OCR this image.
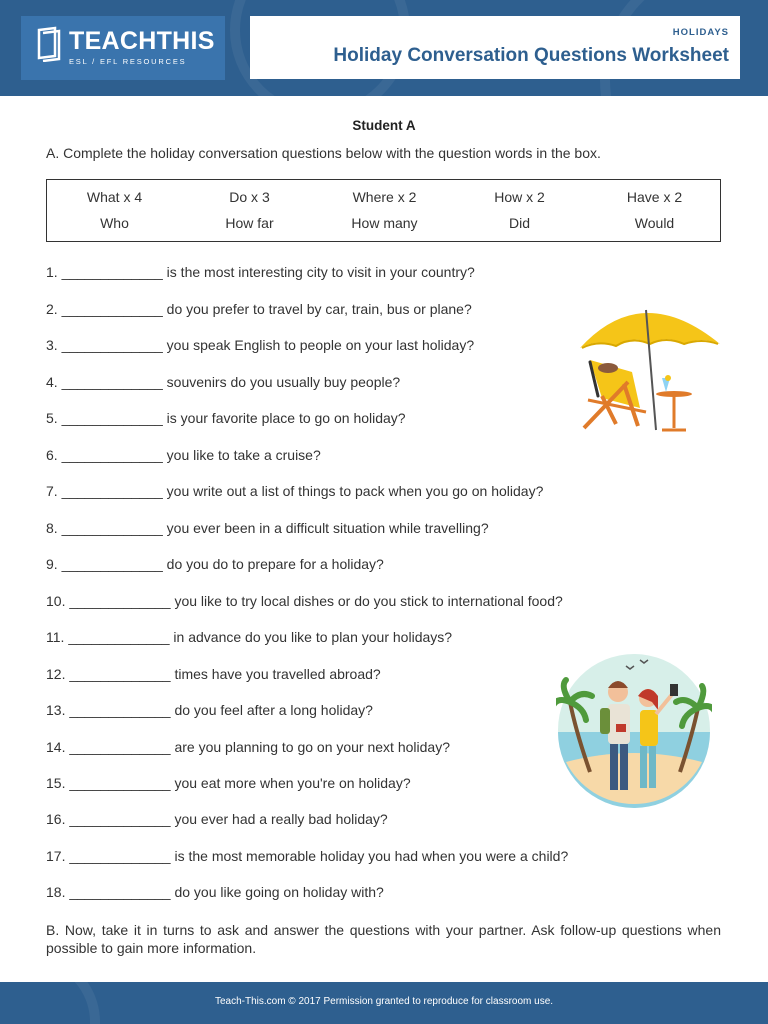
TEACHTHIS
ESL / EFL RESOURCES
HOLIDAYS
Holiday Conversation Questions Worksheet
Student A
A. Complete the holiday conversation questions below with the question words in the box.
What x 4	Do x 3	Where x 2	How x 2	Have x 2
Who	How far	How many	Did	Would
1. _____________ is the most interesting city to visit in your country?
2. _____________ do you prefer to travel by car, train, bus or plane?
3. _____________ you speak English to people on your last holiday?
4. _____________ souvenirs do you usually buy people?
5. _____________ is your favorite place to go on holiday?
6. _____________ you like to take a cruise?
7. _____________ you write out a list of things to pack when you go on holiday?
8. _____________ you ever been in a difficult situation while travelling?
9. _____________ do you do to prepare for a holiday?
10. _____________ you like to try local dishes or do you stick to international food?
11. _____________ in advance do you like to plan your holidays?
12. _____________ times have you travelled abroad?
13. _____________ do you feel after a long holiday?
14. _____________ are you planning to go on your next holiday?
15. _____________ you eat more when you're on holiday?
16. _____________ you ever had a really bad holiday?
17. _____________ is the most memorable holiday you had when you were a child?
18. _____________ do you like going on holiday with?
B. Now, take it in turns to ask and answer the questions with your partner. Ask follow-up questions when possible to gain more information.
Teach-This.com © 2017 Permission granted to reproduce for classroom use.
